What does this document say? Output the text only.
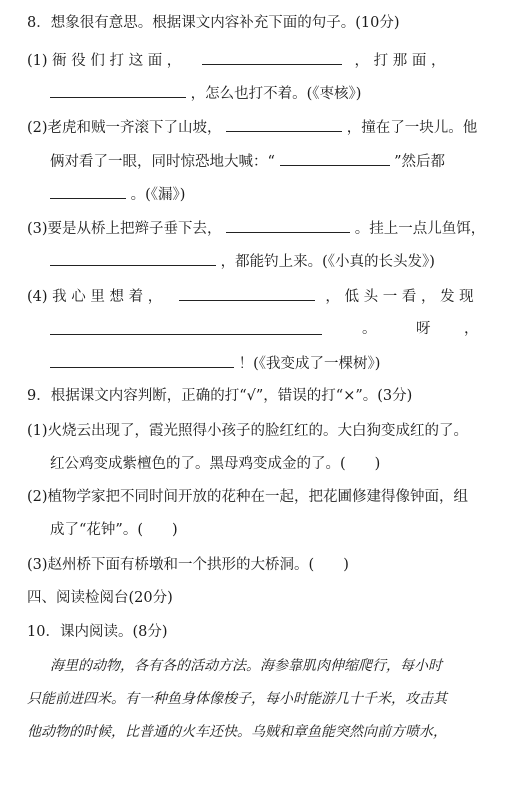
8．想象很有意思。根据课文内容补充下面的句子。(10分)
(1) 衙 役 们 打 这 面 ，	， 打 那 面 ，
，怎么也打不着。(《枣核》)
(2)老虎和贼一齐滚下了山坡，	，撞在了一块儿。他
俩对看了一眼，同时惊恐地大喊：“	”然后都
。(《漏》)
(3)要是从桥上把辫子垂下去，	。挂上一点儿鱼饵，
，都能钓上来。(《小真的长头发》)
(4) 我 心 里 想 着 ，	， 低 头 一 看 ， 发 现
。	呀 ，
！(《我变成了一棵树》)
9．根据课文内容判断，正确的打“√”，错误的打“×”。(3分)
(1)火烧云出现了，霞光照得小孩子的脸红红的。大白狗变成红的了。
红公鸡变成紫檀色的了。黑母鸡变成金的了。(　　)
(2)植物学家把不同时间开放的花种在一起，把花圃修建得像钟面，组
成了“花钟”。(　　)
(3)赵州桥下面有桥墩和一个拱形的大桥洞。(　　)
四、阅读检阅台(20分)
10．课内阅读。(8分)
海里的动物，各有各的活动方法。海参靠肌肉伸缩爬行，每小时
只能前进四米。有一种鱼身体像梭子，每小时能游几十千米，攻击其
他动物的时候，比普通的火车还快。乌贼和章鱼能突然向前方喷水，
